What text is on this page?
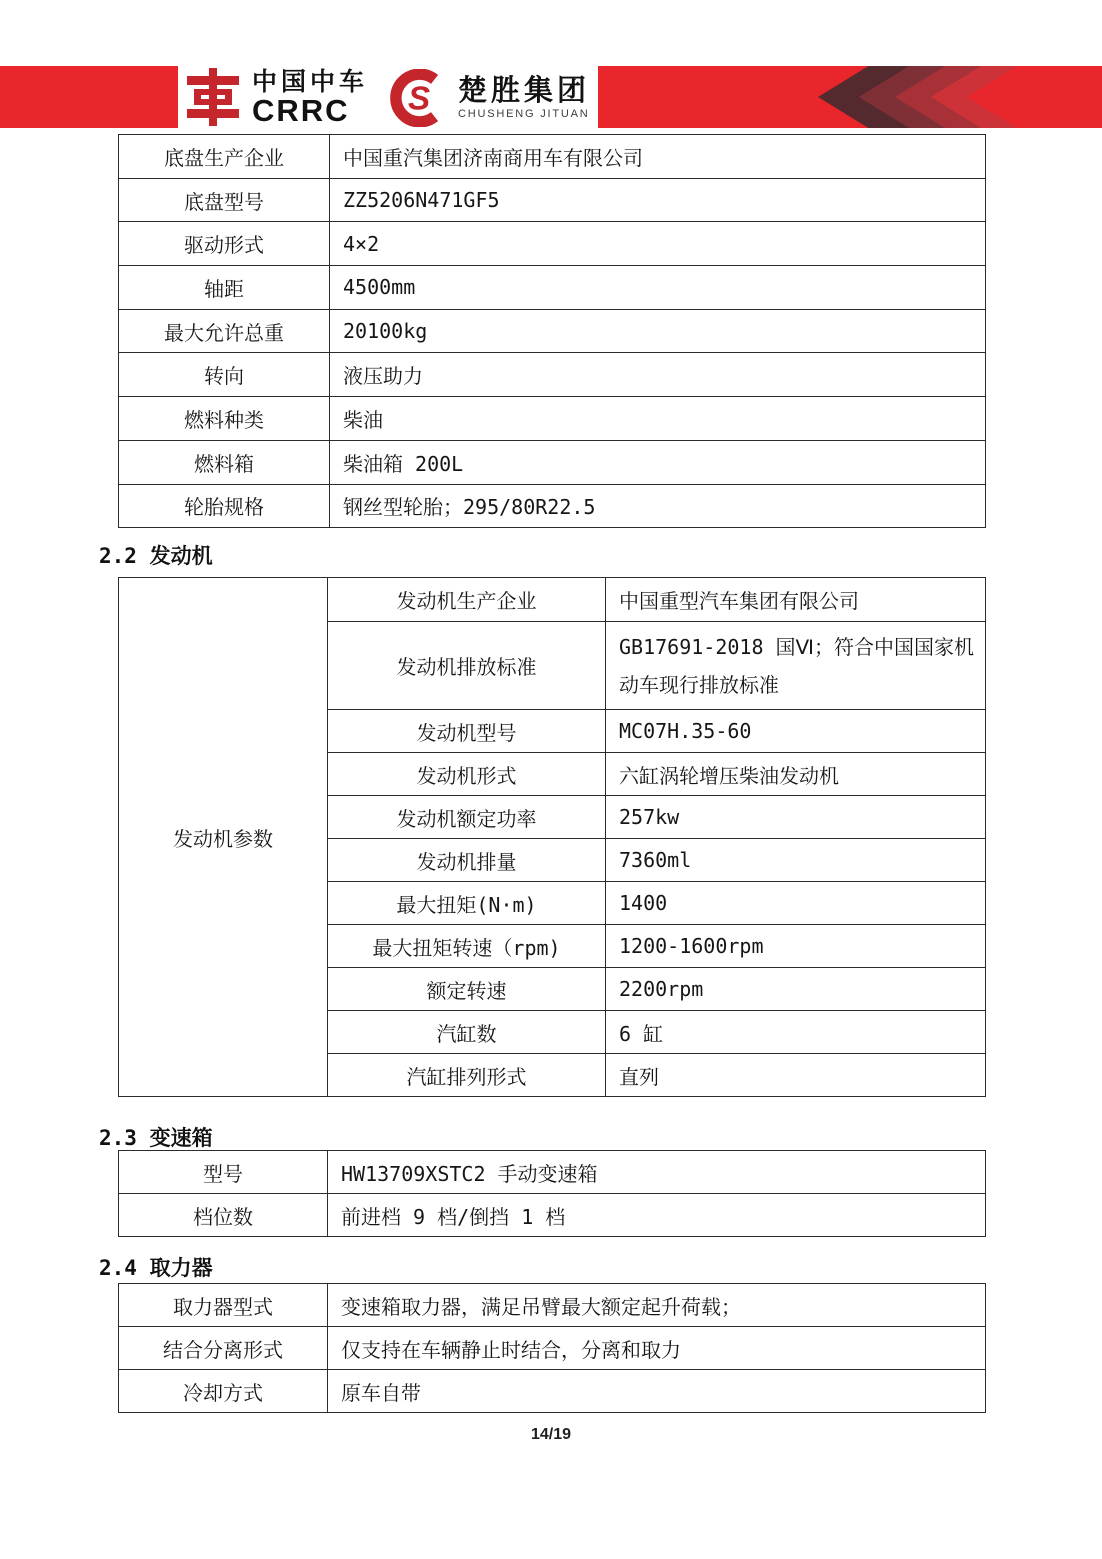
中国中车
CRRC	S 楚胜集团
CHUSHENG JITUAN
底盘生产企业	中国重汽集团济南商用车有限公司
底盘型号	ZZ5206N471GF5
驱动形式	4×2
轴距	4500mm
最大允许总重	20100kg
转向	液压助力
燃料种类	柴油
燃料箱	柴油箱 200L
轮胎规格	钢丝型轮胎；295/80R22.5
2.2 发动机
发动机参数	发动机生产企业	中国重型汽车集团有限公司
	发动机排放标准	GB17691-2018 国Ⅵ；符合中国国家机动车现行排放标准
	发动机型号	MC07H.35-60
	发动机形式	六缸涡轮增压柴油发动机
	发动机额定功率	257kw
	发动机排量	7360ml
	最大扭矩(N·m)	1400
	最大扭矩转速（rpm)	1200-1600rpm
	额定转速	2200rpm
	汽缸数	6 缸
	汽缸排列形式	直列
2.3 变速箱
型号	HW13709XSTC2 手动变速箱
档位数	前进档 9 档/倒挡 1 档
2.4 取力器
取力器型式	变速箱取力器，满足吊臂最大额定起升荷载；
结合分离形式	仅支持在车辆静止时结合，分离和取力
冷却方式	原车自带
14/19
